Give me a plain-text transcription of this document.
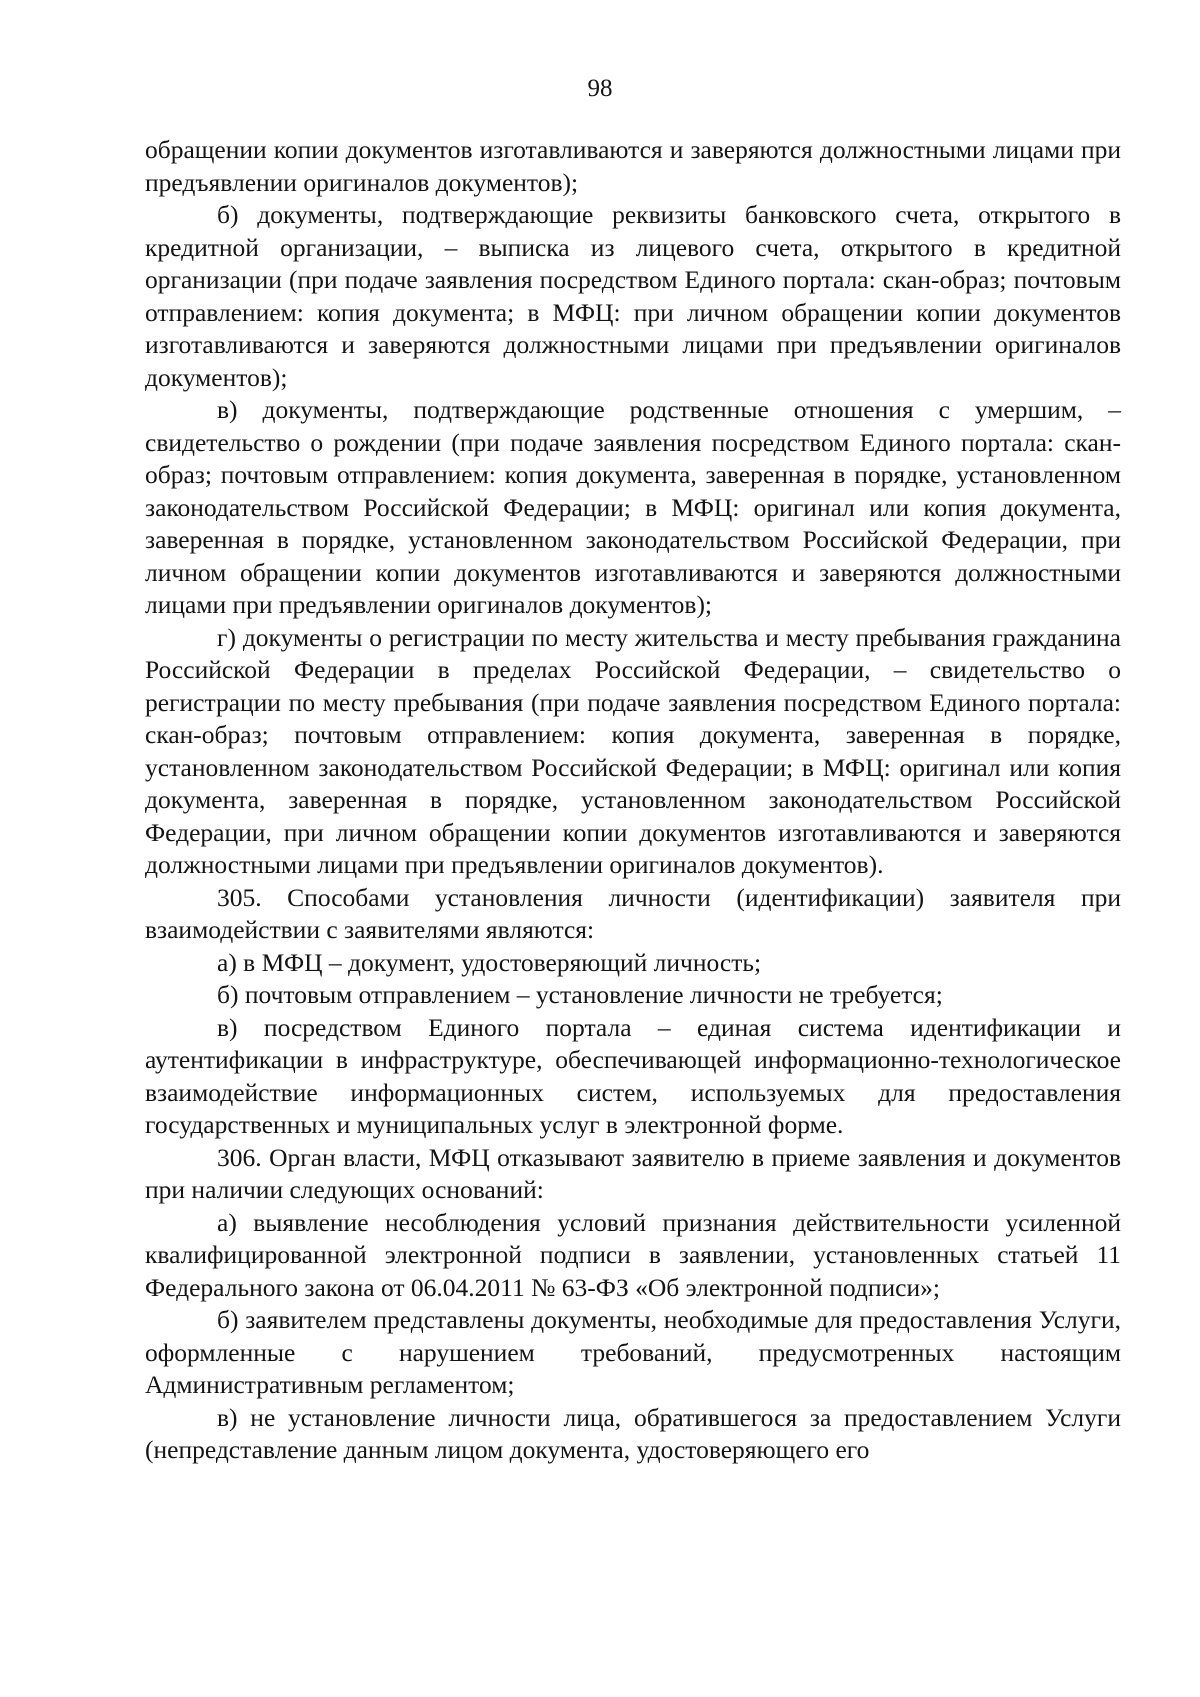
98

обращении копии документов изготавливаются и заверяются должностными лицами при предъявлении оригиналов документов);

б) документы, подтверждающие реквизиты банковского счета, открытого в кредитной организации, – выписка из лицевого счета, открытого в кредитной организации (при подаче заявления посредством Единого портала: скан-образ; почтовым отправлением: копия документа; в МФЦ: при личном обращении копии документов изготавливаются и заверяются должностными лицами при предъявлении оригиналов документов);

в) документы, подтверждающие родственные отношения с умершим, – свидетельство о рождении (при подаче заявления посредством Единого портала: скан-образ; почтовым отправлением: копия документа, заверенная в порядке, установленном законодательством Российской Федерации; в МФЦ: оригинал или копия документа, заверенная в порядке, установленном законодательством Российской Федерации, при личном обращении копии документов изготавливаются и заверяются должностными лицами при предъявлении оригиналов документов);

г) документы о регистрации по месту жительства и месту пребывания гражданина Российской Федерации в пределах Российской Федерации, – свидетельство о регистрации по месту пребывания (при подаче заявления посредством Единого портала: скан-образ; почтовым отправлением: копия документа, заверенная в порядке, установленном законодательством Российской Федерации; в МФЦ: оригинал или копия документа, заверенная в порядке, установленном законодательством Российской Федерации, при личном обращении копии документов изготавливаются и заверяются должностными лицами при предъявлении оригиналов документов).

305. Способами установления личности (идентификации) заявителя при взаимодействии с заявителями являются:

а) в МФЦ – документ, удостоверяющий личность;

б) почтовым отправлением – установление личности не требуется;

в) посредством Единого портала – единая система идентификации и аутентификации в инфраструктуре, обеспечивающей информационно-технологическое взаимодействие информационных систем, используемых для предоставления государственных и муниципальных услуг в электронной форме.

306. Орган власти, МФЦ отказывают заявителю в приеме заявления и документов при наличии следующих оснований:

а) выявление несоблюдения условий признания действительности усиленной квалифицированной электронной подписи в заявлении, установленных статьей 11 Федерального закона от 06.04.2011 № 63-ФЗ «Об электронной подписи»;

б) заявителем представлены документы, необходимые для предоставления Услуги, оформленные с нарушением требований, предусмотренных настоящим Административным регламентом;

в) не установление личности лица, обратившегося за предоставлением Услуги (непредставление данным лицом документа, удостоверяющего его
